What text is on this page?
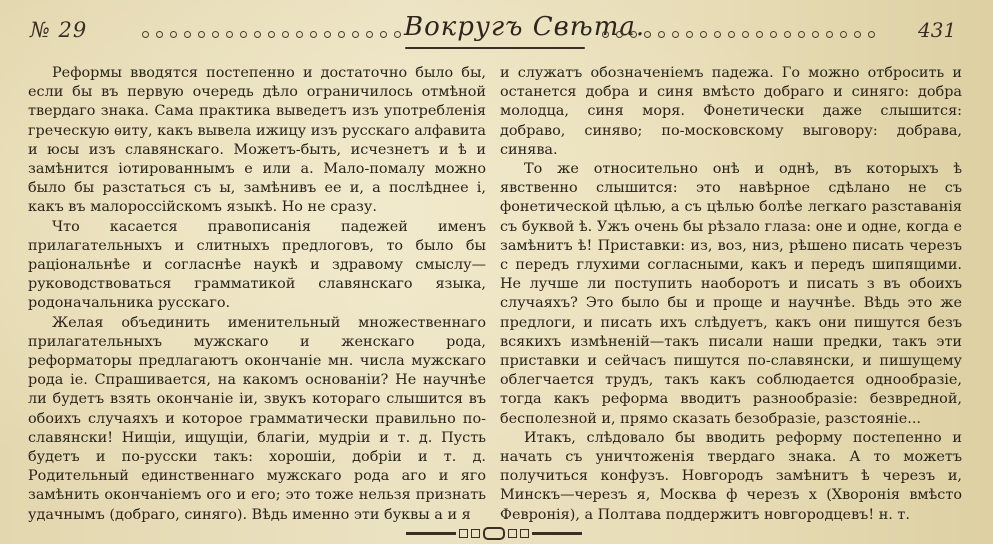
№ 29	Вокругъ Свѣта.	431

Реформы вводятся постепенно и достаточно было бы, если бы въ первую очередь дѣло ограничилось отмѣной твердаго знака. Сама практика выведетъ изъ употребленія греческую ѳиту, какъ вывела ижицу изъ русскаго алфавита и юсы изъ славянскаго. Можетъ-быть, исчезнетъ и ѣ и замѣнится іотированнымъ е или а. Мало-помалу можно было бы разстаться съ ы, замѣнивъ ее и, а послѣднее і, какъ въ малороссійскомъ языкѣ. Но не сразу.

Что касается правописанія падежей именъ прилагательныхъ и слитныхъ предлоговъ, то было бы раціональнѣе и согласнѣе наукѣ и здравому смыслу—руководствоваться грамматикой славянскаго языка, родоначальника русскаго.

Желая объединить именительный множественнаго прилагательныхъ мужскаго и женскаго рода, реформаторы предлагаютъ окончаніе мн. числа мужскаго рода іе. Спрашивается, на какомъ основаніи? Не научнѣе ли будетъ взять окончаніе іи, звукъ котораго слышится въ обоихъ случаяхъ и которое грамматически правильно по-славянски! Нищіи, ищущіи, благіи, мудріи и т. д. Пусть будетъ и по-русски такъ: хорошіи, добріи и т. д. Родительный единственнаго мужскаго рода аго и яго замѣнить окончаніемъ ого и его; это тоже нельзя признать удачнымъ (добраго, синяго). Вѣдь именно эти буквы а и я

и служатъ обозначеніемъ падежа. Го можно отбросить и останется добра и синя вмѣсто добраго и синяго: добра молодца, синя моря. Фонетически даже слышится: добраво, синяво; по-московскому выговору: добрава, синява.

То же относительно онѣ и однѣ, въ которыхъ ѣ явственно слышится: это навѣрное сдѣлано не съ фонетической цѣлью, а съ цѣлью болѣе легкаго разставанія съ буквой ѣ. Ужъ очень бы рѣзало глаза: оне и одне, когда е замѣнитъ ѣ! Приставки: из, воз, низ, рѣшено писать черезъ с передъ глухими согласными, какъ и передъ шипящими. Не лучше ли поступить наоборотъ и писать з въ обоихъ случаяхъ? Это было бы и проще и научнѣе. Вѣдь это же предлоги, и писать ихъ слѣдуетъ, какъ они пишутся безъ всякихъ измѣненій—такъ писали наши предки, такъ эти приставки и сейчасъ пишутся по-славянски, и пишущему облегчается трудъ, такъ какъ соблюдается однообразіе, тогда какъ реформа вводитъ разнообразіе: безвредной, бесполезной и, прямо сказать безобразіе, разстояніе...

Итакъ, слѣдовало бы вводить реформу постепенно и начать съ уничтоженія твердаго знака. А то можетъ получиться конфузъ. Новгородъ замѣнитъ ѣ черезъ и, Минскъ—черезъ я, Москва ф черезъ х (Хворонія вмѣсто Февронія), а Полтава поддержитъ новгородцевъ! н. т.
